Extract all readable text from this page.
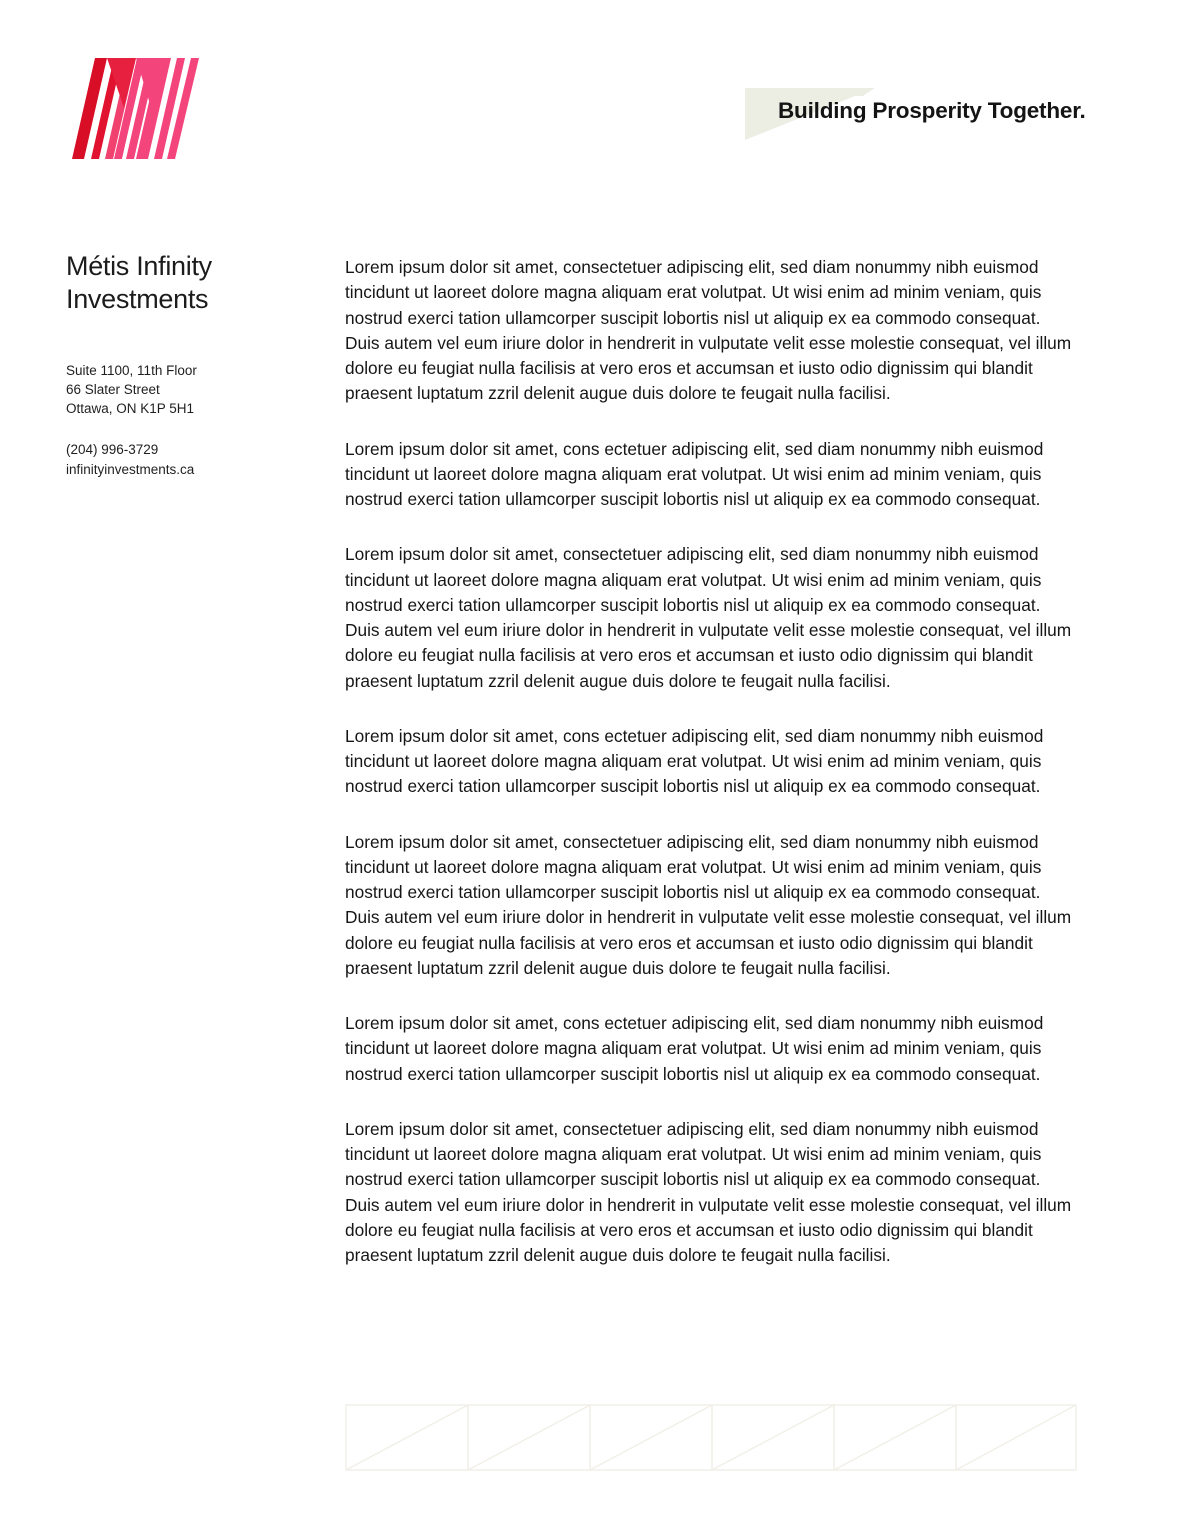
Building Prosperity Together.
Métis Infinity
Investments
Suite 1100, 11th Floor
66 Slater Street
Ottawa, ON K1P 5H1
(204) 996-3729
infinityinvestments.ca

Lorem ipsum dolor sit amet, consectetuer adipiscing elit, sed diam nonummy nibh euismod tincidunt ut laoreet dolore magna aliquam erat volutpat. Ut wisi enim ad minim veniam, quis nostrud exerci tation ullamcorper suscipit lobortis nisl ut aliquip ex ea commodo consequat. Duis autem vel eum iriure dolor in hendrerit in vulputate velit esse molestie consequat, vel illum dolore eu feugiat nulla facilisis at vero eros et accumsan et iusto odio dignissim qui blandit praesent luptatum zzril delenit augue duis dolore te feugait nulla facilisi.

Lorem ipsum dolor sit amet, cons ectetuer adipiscing elit, sed diam nonummy nibh euismod tincidunt ut laoreet dolore magna aliquam erat volutpat. Ut wisi enim ad minim veniam, quis nostrud exerci tation ullamcorper suscipit lobortis nisl ut aliquip ex ea commodo consequat.

Lorem ipsum dolor sit amet, consectetuer adipiscing elit, sed diam nonummy nibh euismod tincidunt ut laoreet dolore magna aliquam erat volutpat. Ut wisi enim ad minim veniam, quis nostrud exerci tation ullamcorper suscipit lobortis nisl ut aliquip ex ea commodo consequat. Duis autem vel eum iriure dolor in hendrerit in vulputate velit esse molestie consequat, vel illum dolore eu feugiat nulla facilisis at vero eros et accumsan et iusto odio dignissim qui blandit praesent luptatum zzril delenit augue duis dolore te feugait nulla facilisi.

Lorem ipsum dolor sit amet, cons ectetuer adipiscing elit, sed diam nonummy nibh euismod tincidunt ut laoreet dolore magna aliquam erat volutpat. Ut wisi enim ad minim veniam, quis nostrud exerci tation ullamcorper suscipit lobortis nisl ut aliquip ex ea commodo consequat.

Lorem ipsum dolor sit amet, consectetuer adipiscing elit, sed diam nonummy nibh euismod tincidunt ut laoreet dolore magna aliquam erat volutpat. Ut wisi enim ad minim veniam, quis nostrud exerci tation ullamcorper suscipit lobortis nisl ut aliquip ex ea commodo consequat. Duis autem vel eum iriure dolor in hendrerit in vulputate velit esse molestie consequat, vel illum dolore eu feugiat nulla facilisis at vero eros et accumsan et iusto odio dignissim qui blandit praesent luptatum zzril delenit augue duis dolore te feugait nulla facilisi.

Lorem ipsum dolor sit amet, cons ectetuer adipiscing elit, sed diam nonummy nibh euismod tincidunt ut laoreet dolore magna aliquam erat volutpat. Ut wisi enim ad minim veniam, quis nostrud exerci tation ullamcorper suscipit lobortis nisl ut aliquip ex ea commodo consequat.

Lorem ipsum dolor sit amet, consectetuer adipiscing elit, sed diam nonummy nibh euismod tincidunt ut laoreet dolore magna aliquam erat volutpat. Ut wisi enim ad minim veniam, quis nostrud exerci tation ullamcorper suscipit lobortis nisl ut aliquip ex ea commodo consequat. Duis autem vel eum iriure dolor in hendrerit in vulputate velit esse molestie consequat, vel illum dolore eu feugiat nulla facilisis at vero eros et accumsan et iusto odio dignissim qui blandit praesent luptatum zzril delenit augue duis dolore te feugait nulla facilisi.
